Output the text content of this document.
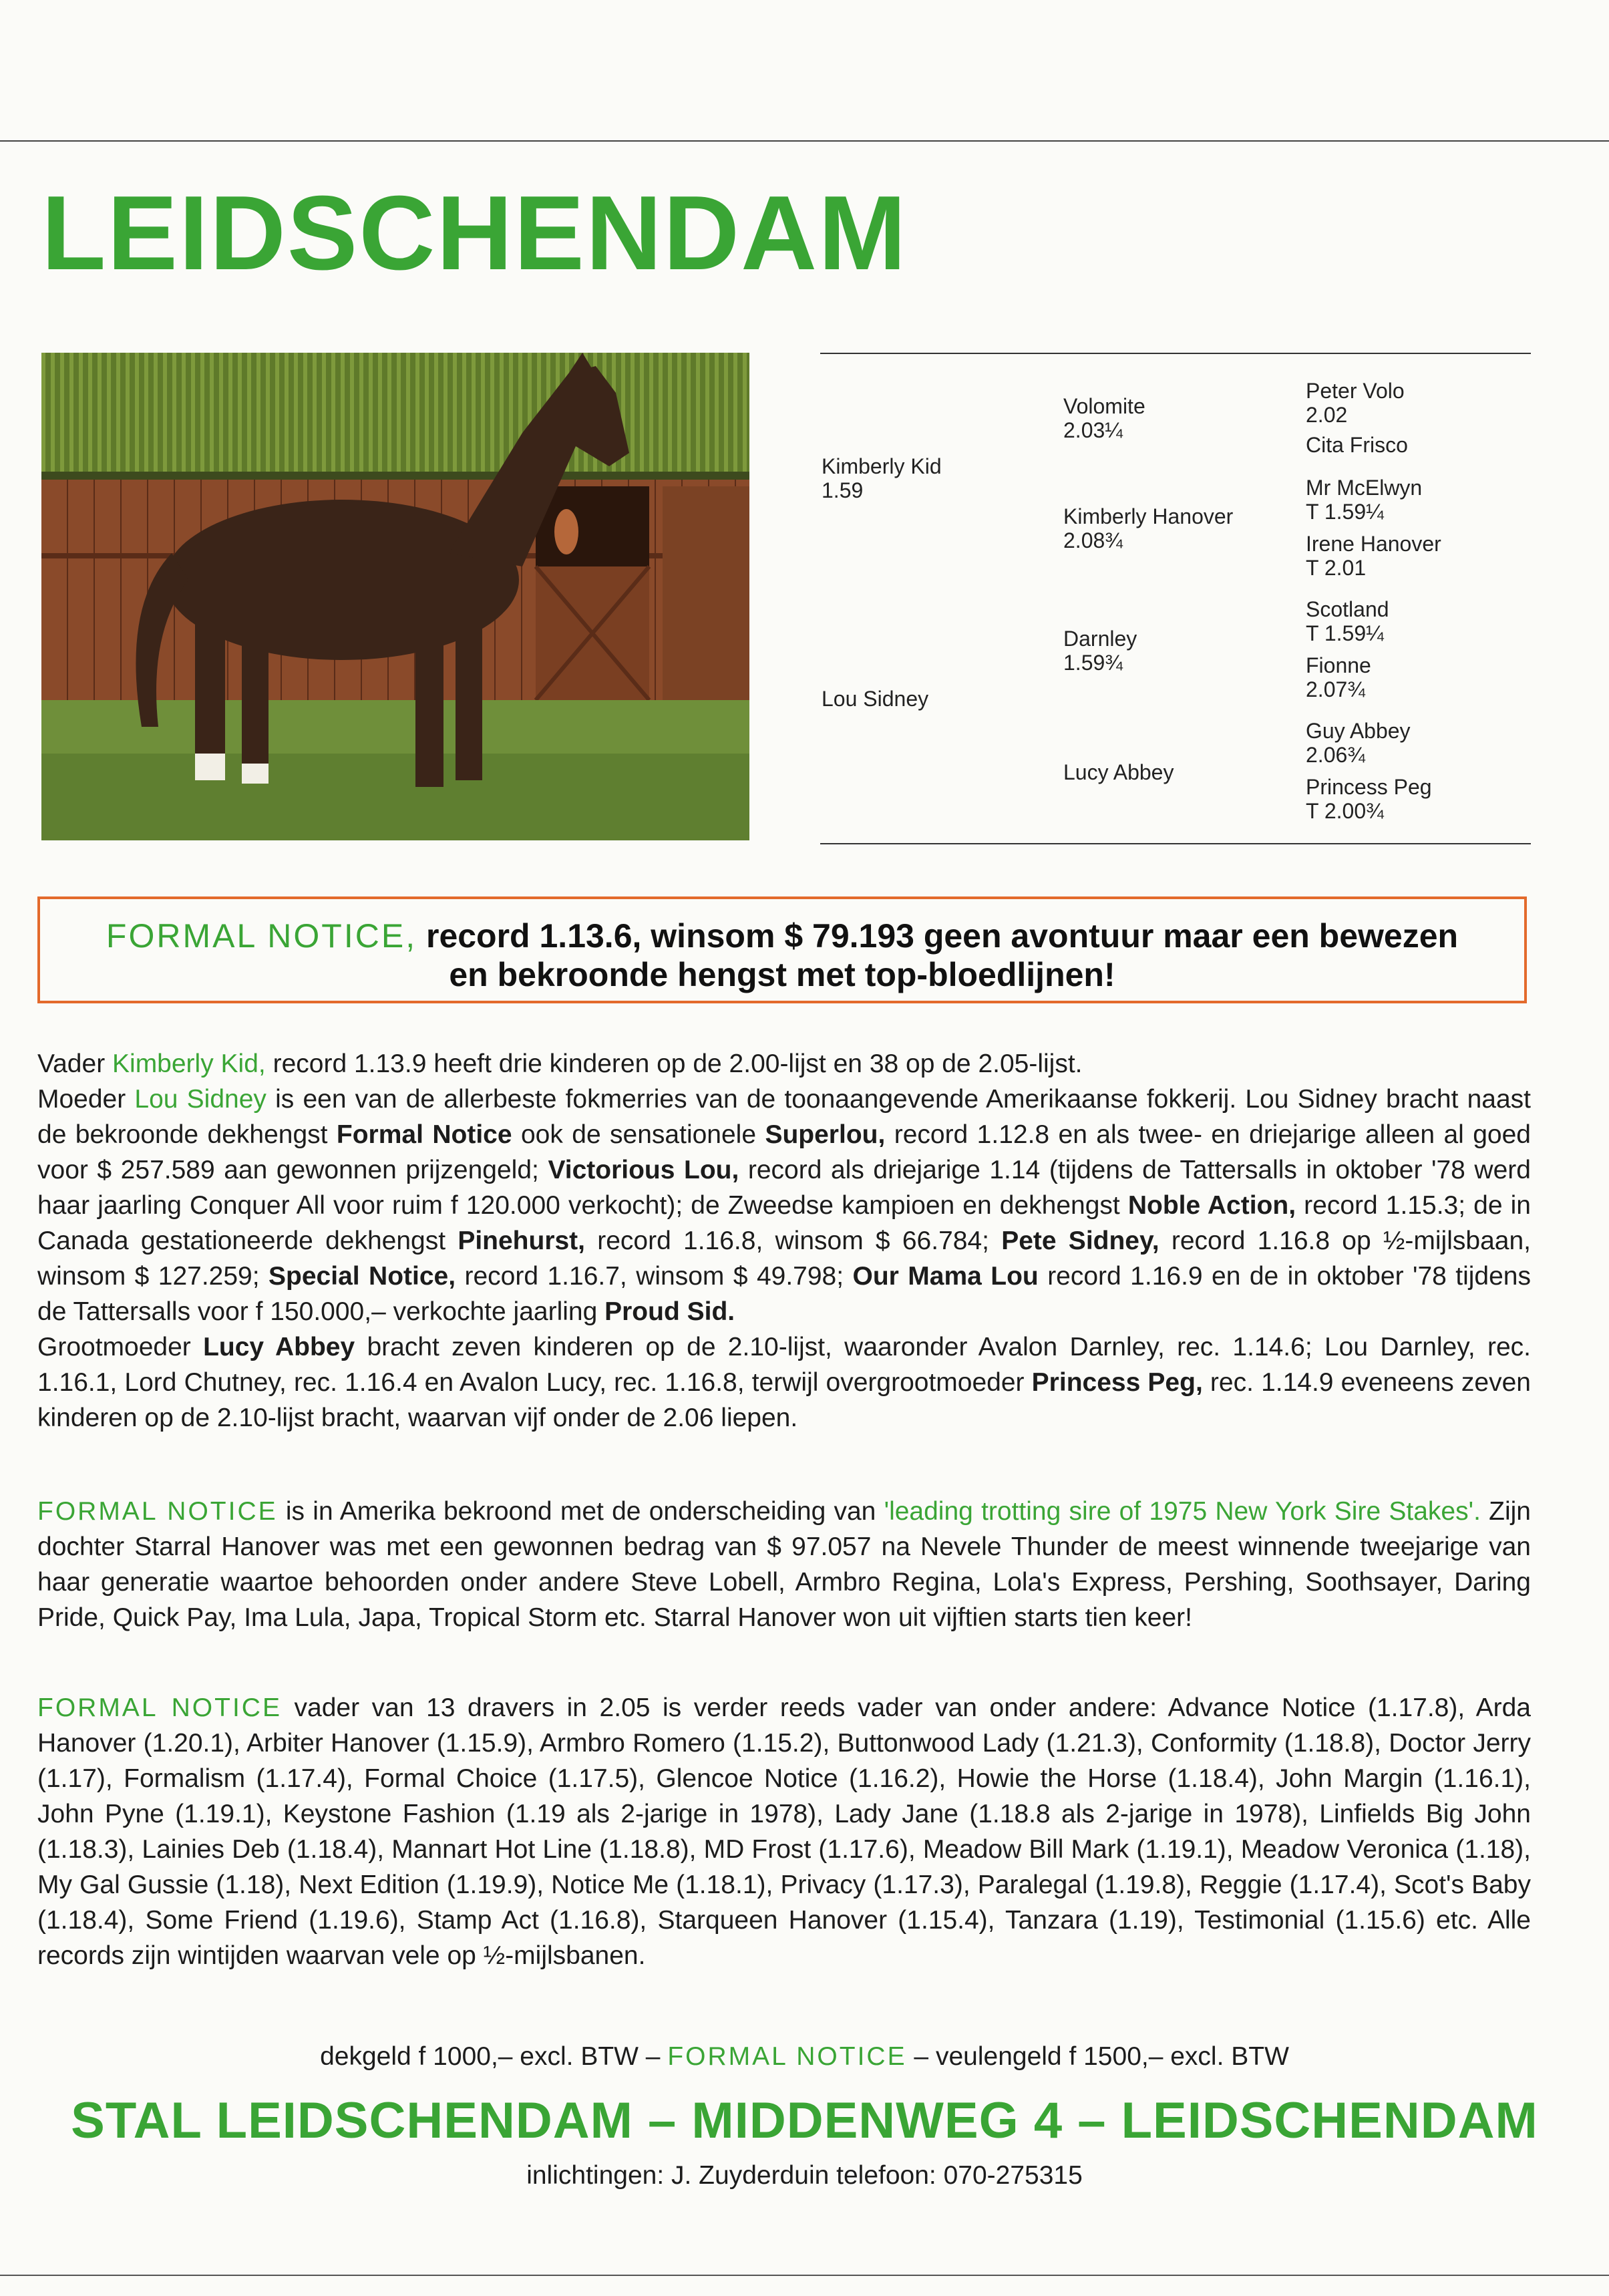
LEIDSCHENDAM
Kimberly Kid
1.59
Lou Sidney
Volomite
2.03¼
Kimberly Hanover
2.08¾
Darnley
1.59¾
Lucy Abbey
Peter Volo
2.02
Cita Frisco
Mr McElwyn
T 1.59¼
Irene Hanover
T 2.01
Scotland
T 1.59¼
Fionne
2.07¾
Guy Abbey
2.06¾
Princess Peg
T 2.00¾
FORMAL NOTICE, record 1.13.6, winsom $ 79.193 geen avontuur maar een bewezen
en bekroonde hengst met top-bloedlijnen!

Vader Kimberly Kid, record 1.13.9 heeft drie kinderen op de 2.00-lijst en 38 op de 2.05-lijst.
Moeder Lou Sidney is een van de allerbeste fokmerries van de toonaangevende Amerikaanse fokkerij. Lou Sidney bracht naast de bekroonde dekhengst Formal Notice ook de sensationele Superlou, record 1.12.8 en als twee- en driejarige alleen al goed voor $ 257.589 aan gewonnen prijzengeld; Victorious Lou, record als driejarige 1.14 (tijdens de Tattersalls in oktober '78 werd haar jaarling Conquer All voor ruim f 120.000 verkocht); de Zweedse kampioen en dekhengst Noble Action, record 1.15.3; de in Canada gestationeerde dekhengst Pinehurst, record 1.16.8, winsom $ 66.784; Pete Sidney, record 1.16.8 op ½-mijlsbaan, winsom $ 127.259; Special Notice, record 1.16.7, winsom $ 49.798; Our Mama Lou record 1.16.9 en de in oktober '78 tijdens de Tattersalls voor f 150.000,– verkochte jaarling Proud Sid.
Grootmoeder Lucy Abbey bracht zeven kinderen op de 2.10-lijst, waaronder Avalon Darnley, rec. 1.14.6; Lou Darnley, rec. 1.16.1, Lord Chutney, rec. 1.16.4 en Avalon Lucy, rec. 1.16.8, terwijl overgrootmoeder Princess Peg, rec. 1.14.9 eveneens zeven kinderen op de 2.10-lijst bracht, waarvan vijf onder de 2.06 liepen.

FORMAL NOTICE is in Amerika bekroond met de onderscheiding van 'leading trotting sire of 1975 New York Sire Stakes'. Zijn dochter Starral Hanover was met een gewonnen bedrag van $ 97.057 na Nevele Thunder de meest winnende tweejarige van haar generatie waartoe behoorden onder andere Steve Lobell, Armbro Regina, Lola's Express, Pershing, Soothsayer, Daring Pride, Quick Pay, Ima Lula, Japa, Tropical Storm etc. Starral Hanover won uit vijftien starts tien keer!

FORMAL NOTICE vader van 13 dravers in 2.05 is verder reeds vader van onder andere: Advance Notice (1.17.8), Arda Hanover (1.20.1), Arbiter Hanover (1.15.9), Armbro Romero (1.15.2), Buttonwood Lady (1.21.3), Conformity (1.18.8), Doctor Jerry (1.17), Formalism (1.17.4), Formal Choice (1.17.5), Glencoe Notice (1.16.2), Howie the Horse (1.18.4), John Margin (1.16.1), John Pyne (1.19.1), Keystone Fashion (1.19 als 2-jarige in 1978), Lady Jane (1.18.8 als 2-jarige in 1978), Linfields Big John (1.18.3), Lainies Deb (1.18.4), Mannart Hot Line (1.18.8), MD Frost (1.17.6), Meadow Bill Mark (1.19.1), Meadow Veronica (1.18), My Gal Gussie (1.18), Next Edition (1.19.9), Notice Me (1.18.1), Privacy (1.17.3), Paralegal (1.19.8), Reggie (1.17.4), Scot's Baby (1.18.4), Some Friend (1.19.6), Stamp Act (1.16.8), Starqueen Hanover (1.15.4), Tanzara (1.19), Testimonial (1.15.6) etc. Alle records zijn wintijden waarvan vele op ½-mijlsbanen.

dekgeld f 1000,– excl. BTW – FORMAL NOTICE – veulengeld f 1500,– excl. BTW
STAL LEIDSCHENDAM – MIDDENWEG 4 – LEIDSCHENDAM
inlichtingen: J. Zuyderduin telefoon: 070-275315
